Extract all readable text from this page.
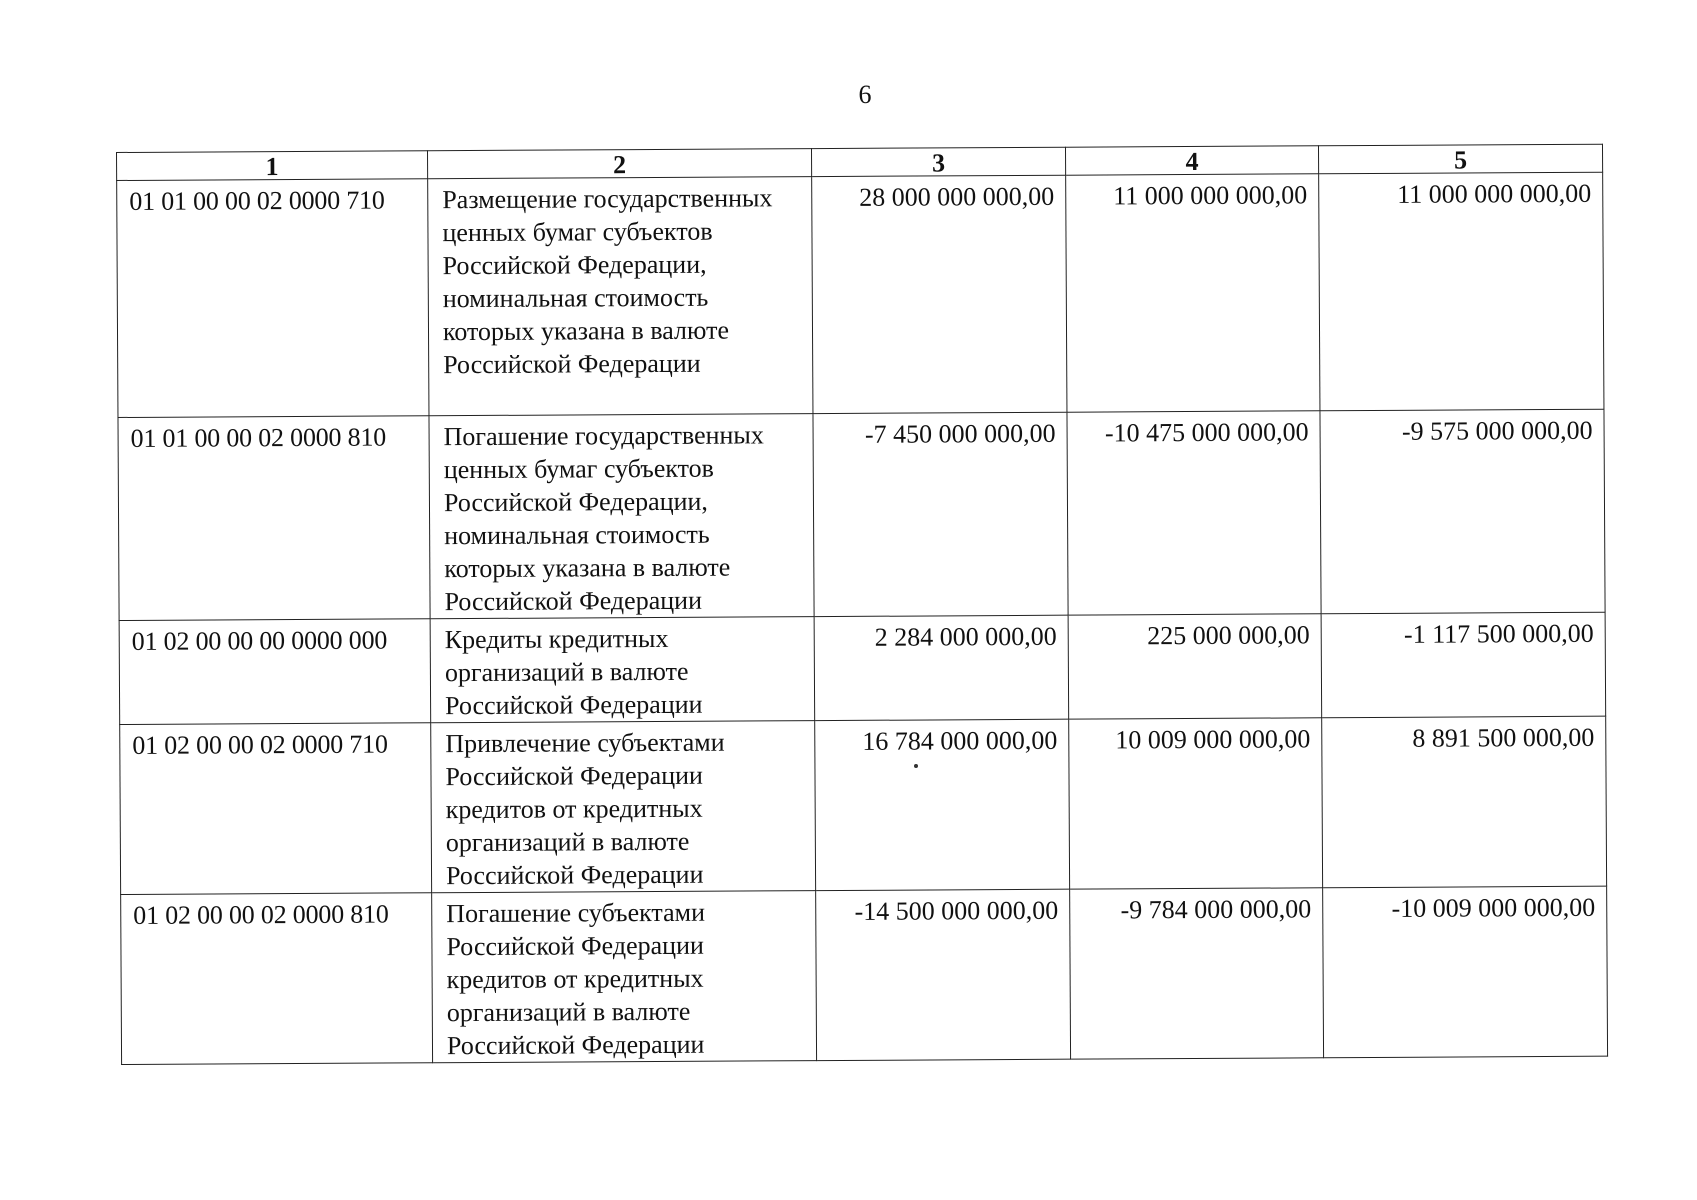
6
1	2	3	4	5
01 01 00 00 02 0000 710	Размещение государственных ценных бумаг субъектов Российской Федерации, номинальная стоимость которых указана в валюте Российской Федерации	28 000 000 000,00	11 000 000 000,00	11 000 000 000,00
01 01 00 00 02 0000 810	Погашение государственных ценных бумаг субъектов Российской Федерации, номинальная стоимость которых указана в валюте Российской Федерации	-7 450 000 000,00	-10 475 000 000,00	-9 575 000 000,00
01 02 00 00 00 0000 000	Кредиты кредитных организаций в валюте Российской Федерации	2 284 000 000,00	225 000 000,00	-1 117 500 000,00
01 02 00 00 02 0000 710	Привлечение субъектами Российской Федерации кредитов от кредитных организаций в валюте Российской Федерации	16 784 000 000,00	10 009 000 000,00	8 891 500 000,00
01 02 00 00 02 0000 810	Погашение субъектами Российской Федерации кредитов от кредитных организаций в валюте Российской Федерации	-14 500 000 000,00	-9 784 000 000,00	-10 009 000 000,00
